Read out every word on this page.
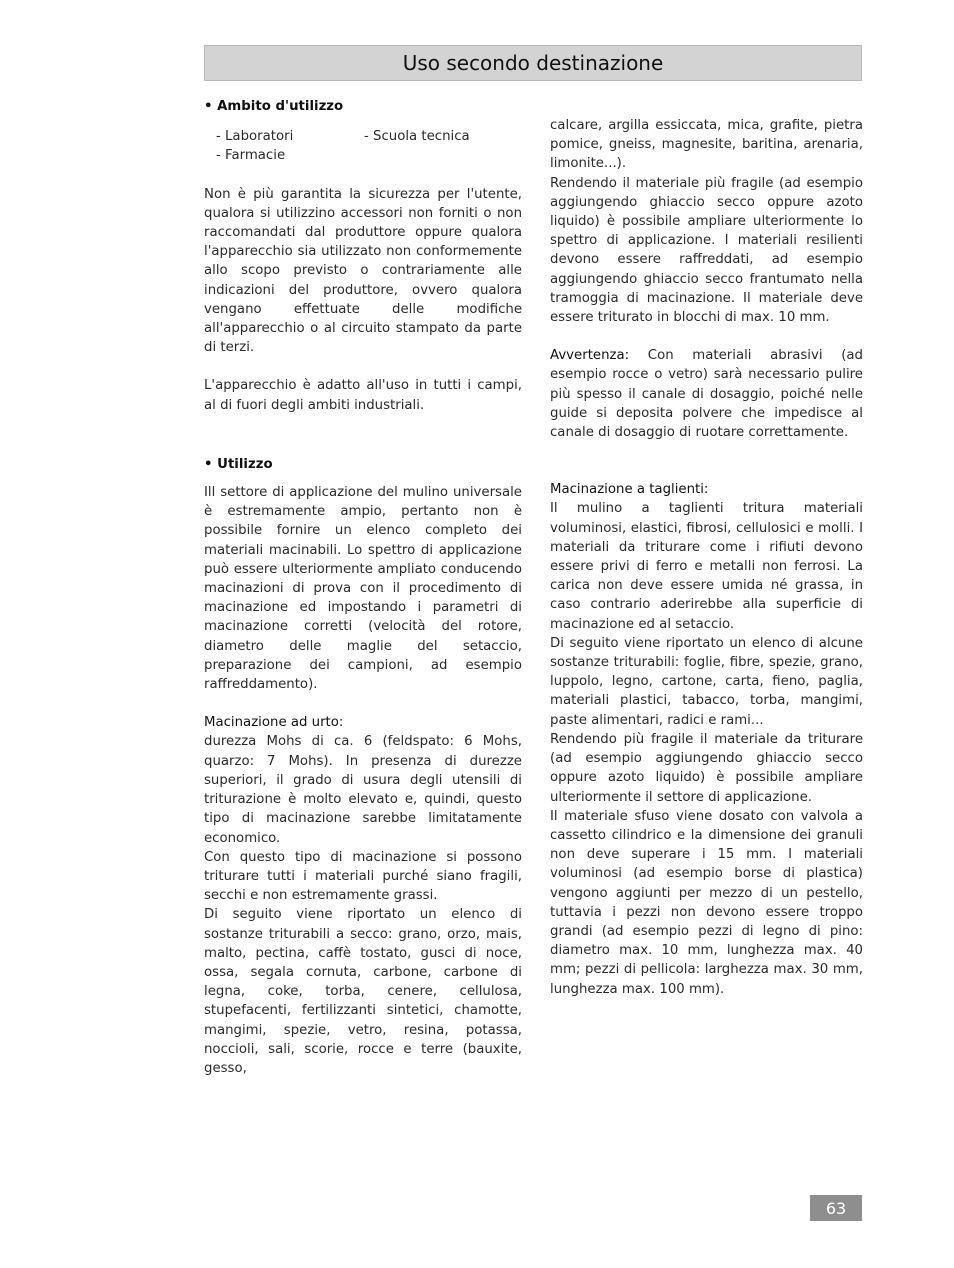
Uso secondo destinazione

• Ambito d'utilizzo

- Laboratori	- Scuola tecnica
- Farmacie

Non è più garantita la sicurezza per l'utente, qualora si utilizzino accessori non forniti o non raccomandati dal produttore oppure qualora l'apparecchio sia utilizzato non conformemente allo scopo previsto o contrariamente alle indicazioni del produttore, ovvero qualora vengano effettuate delle modifiche all'apparecchio o al circuito stampato da parte di terzi.

L'apparecchio è adatto all'uso in tutti i campi, al di fuori degli ambiti industriali.

• Utilizzo

Ill settore di applicazione del mulino universale è estremamente ampio, pertanto non è possibile fornire un elenco completo dei materiali macinabili. Lo spettro di applicazione può essere ulteriormente ampliato conducendo macinazioni di prova con il procedimento di macinazione ed impostando i parametri di macinazione corretti (velocità del rotore, diametro delle maglie del setaccio, preparazione dei campioni, ad esempio raffreddamento).

Macinazione ad urto:

durezza Mohs di ca. 6 (feldspato: 6 Mohs, quarzo: 7 Mohs). In presenza di durezze superiori, il grado di usura degli utensili di triturazione è molto elevato e, quindi, questo tipo di macinazione sarebbe limitatamente economico.

Con questo tipo di macinazione si possono triturare tutti i materiali purché siano fragili, secchi e non estremamente grassi.

Di seguito viene riportato un elenco di sostanze triturabili a secco: grano, orzo, mais, malto, pectina, caffè tostato, gusci di noce, ossa, segala cornuta, carbone, carbone di legna, coke, torba, cenere, cellulosa, stupefacenti, fertilizzanti sintetici, chamotte, mangimi, spezie, vetro, resina, potassa, noccioli, sali, scorie, rocce e terre (bauxite, gesso,

calcare, argilla essiccata, mica, grafite, pietra pomice, gneiss, magnesite, baritina, arenaria, limonite...).

Rendendo il materiale più fragile (ad esempio aggiungendo ghiaccio secco oppure azoto liquido) è possibile ampliare ulteriormente lo spettro di applicazione. I materiali resilienti devono essere raffreddati, ad esempio aggiungendo ghiaccio secco frantumato nella tramoggia di macinazione. Il materiale deve essere triturato in blocchi di max. 10 mm.

Avvertenza: Con materiali abrasivi (ad esempio rocce o vetro) sarà necessario pulire più spesso il canale di dosaggio, poiché nelle guide si deposita polvere che impedisce al canale di dosaggio di ruotare correttamente.

Macinazione a taglienti:

Il mulino a taglienti tritura materiali voluminosi, elastici, fibrosi, cellulosici e molli. I materiali da triturare come i rifiuti devono essere privi di ferro e metalli non ferrosi. La carica non deve essere umida né grassa, in caso contrario aderirebbe alla superficie di macinazione ed al setaccio.

Di seguito viene riportato un elenco di alcune sostanze triturabili: foglie, fibre, spezie, grano, luppolo, legno, cartone, carta, fieno, paglia, materiali plastici, tabacco, torba, mangimi, paste alimentari, radici e rami...

Rendendo più fragile il materiale da triturare (ad esempio aggiungendo ghiaccio secco oppure azoto liquido) è possibile ampliare ulteriormente il settore di applicazione.

Il materiale sfuso viene dosato con valvola a cassetto cilindrico e la dimensione dei granuli non deve superare i 15 mm. I materiali voluminosi (ad esempio borse di plastica) vengono aggiunti per mezzo di un pestello, tuttavia i pezzi non devono essere troppo grandi (ad esempio pezzi di legno di pino: diametro max. 10 mm, lunghezza max. 40 mm; pezzi di pellicola: larghezza max. 30 mm, lunghezza max. 100 mm).

63
